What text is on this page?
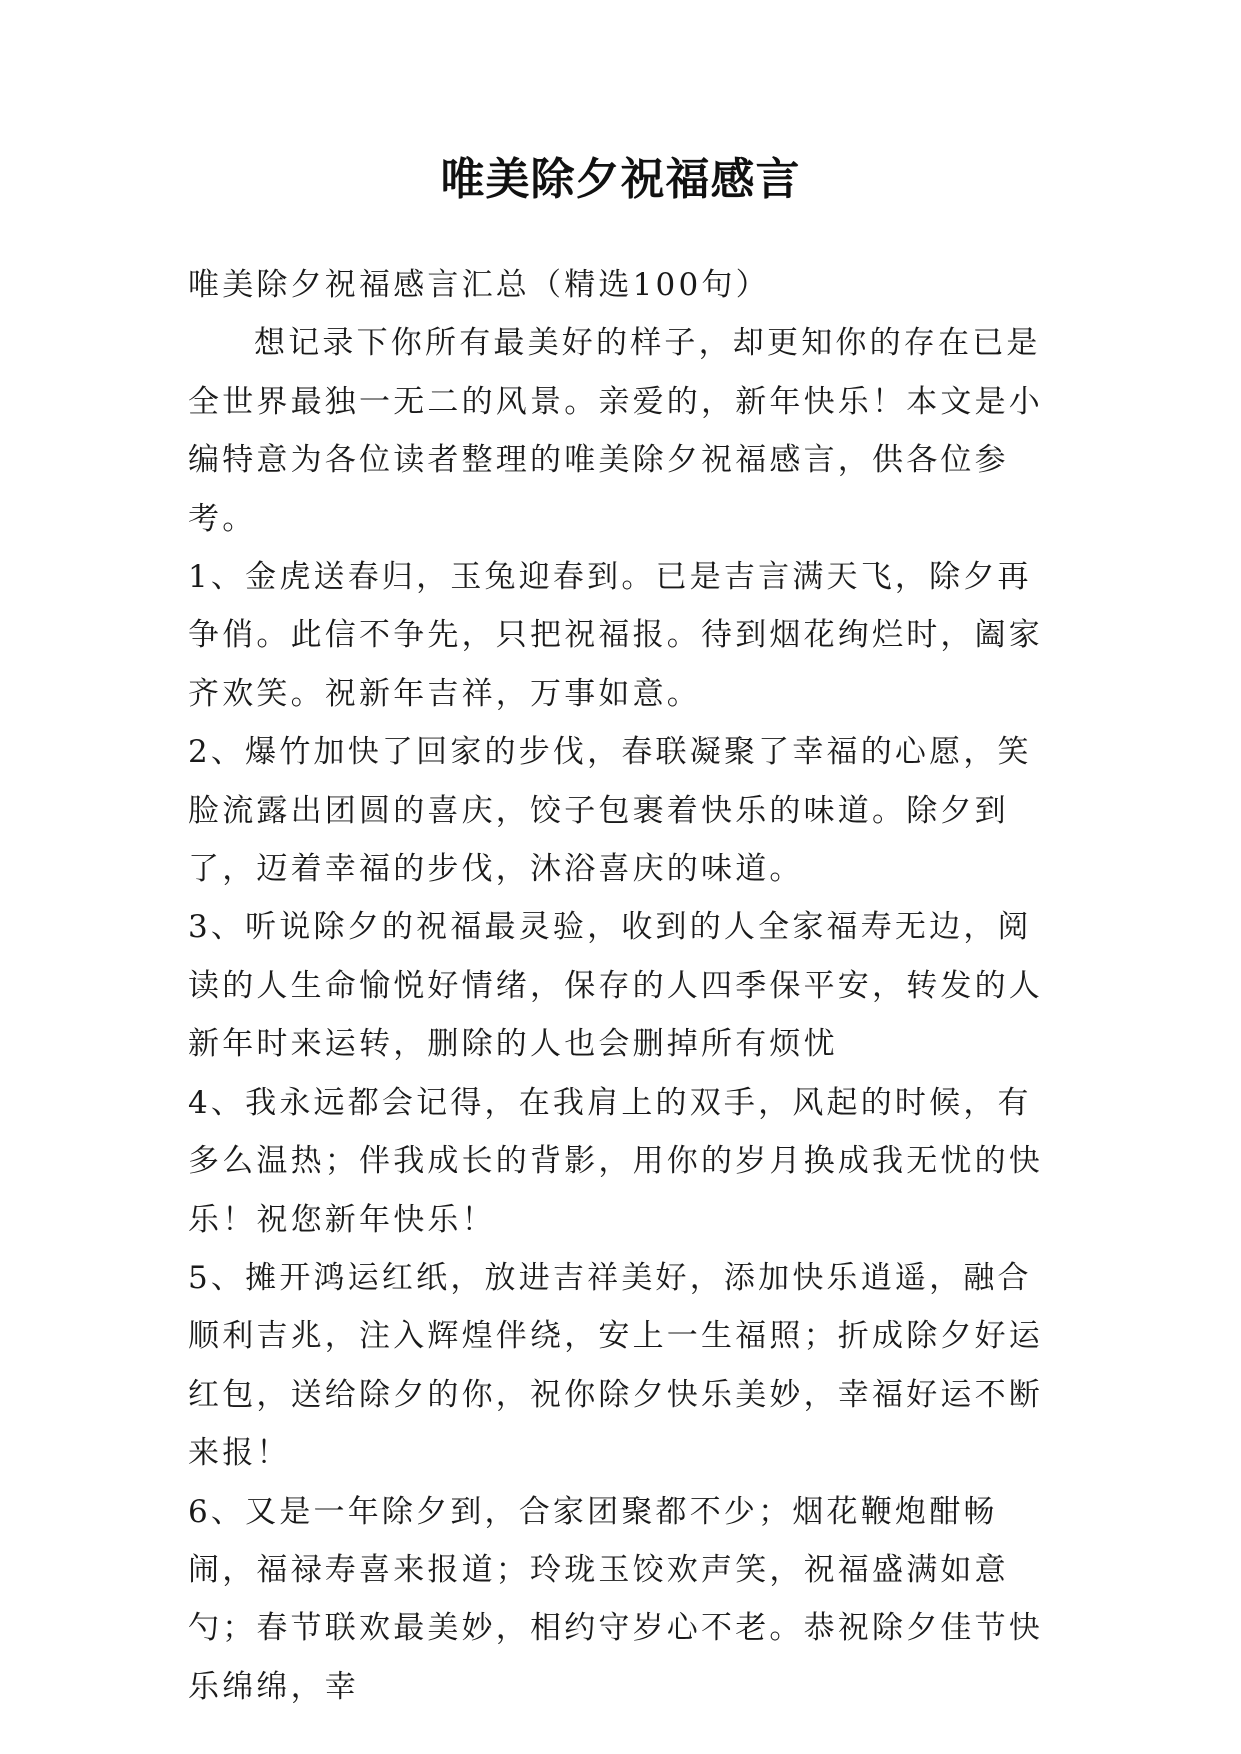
唯美除夕祝福感言

唯美除夕祝福感言汇总（精选100句）

想记录下你所有最美好的样子，却更知你的存在已是全世界最独一无二的风景。亲爱的，新年快乐！本文是小编特意为各位读者整理的唯美除夕祝福感言，供各位参考。

1、金虎送春归，玉兔迎春到。已是吉言满天飞，除夕再争俏。此信不争先，只把祝福报。待到烟花绚烂时，阖家齐欢笑。祝新年吉祥，万事如意。

2、爆竹加快了回家的步伐，春联凝聚了幸福的心愿，笑脸流露出团圆的喜庆，饺子包裹着快乐的味道。除夕到了，迈着幸福的步伐，沐浴喜庆的味道。

3、听说除夕的祝福最灵验，收到的人全家福寿无边，阅读的人生命愉悦好情绪，保存的人四季保平安，转发的人新年时来运转，删除的人也会删掉所有烦忧

4、我永远都会记得，在我肩上的双手，风起的时候，有多么温热；伴我成长的背影，用你的岁月换成我无忧的快乐！祝您新年快乐！

5、摊开鸿运红纸，放进吉祥美好，添加快乐逍遥，融合顺利吉兆，注入辉煌伴绕，安上一生福照；折成除夕好运红包，送给除夕的你，祝你除夕快乐美妙，幸福好运不断来报！

6、又是一年除夕到，合家团聚都不少；烟花鞭炮酣畅闹，福禄寿喜来报道；玲珑玉饺欢声笑，祝福盛满如意勺；春节联欢最美妙，相约守岁心不老。恭祝除夕佳节快乐绵绵，幸
